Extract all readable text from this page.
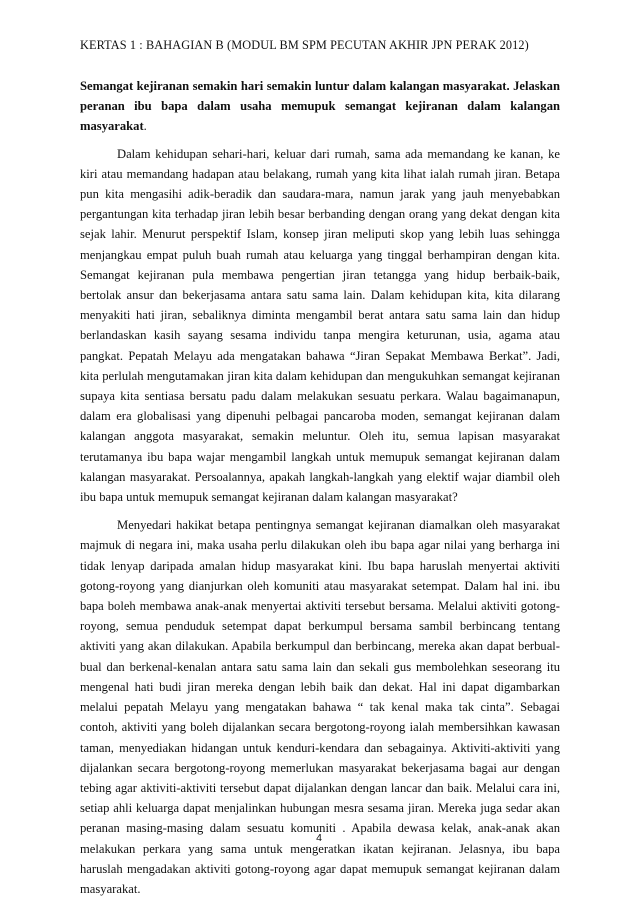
KERTAS 1 : BAHAGIAN B (MODUL BM SPM PECUTAN AKHIR JPN PERAK 2012)

Semangat kejiranan semakin hari semakin luntur dalam kalangan masyarakat. Jelaskan peranan ibu bapa dalam usaha memupuk semangat kejiranan dalam kalangan masyarakat.

Dalam kehidupan sehari-hari, keluar dari rumah, sama ada memandang ke kanan, ke kiri atau memandang hadapan atau belakang, rumah yang kita lihat ialah rumah jiran. Betapa pun kita mengasihi adik-beradik dan saudara-mara, namun jarak yang jauh menyebabkan pergantungan kita terhadap jiran lebih besar berbanding dengan orang yang dekat dengan kita sejak lahir. Menurut perspektif Islam, konsep jiran meliputi skop yang lebih luas sehingga menjangkau empat puluh buah rumah atau keluarga yang tinggal berhampiran dengan kita. Semangat kejiranan pula membawa pengertian jiran tetangga yang hidup berbaik-baik, bertolak ansur dan bekerjasama antara satu sama lain. Dalam kehidupan kita, kita dilarang menyakiti hati jiran, sebaliknya diminta mengambil berat antara satu sama lain dan hidup berlandaskan kasih sayang sesama individu tanpa mengira keturunan, usia, agama atau pangkat. Pepatah Melayu ada mengatakan bahawa “Jiran Sepakat Membawa Berkat”. Jadi, kita perlulah mengutamakan jiran kita dalam kehidupan dan mengukuhkan semangat kejiranan supaya kita sentiasa bersatu padu dalam melakukan sesuatu perkara. Walau bagaimanapun, dalam era globalisasi yang dipenuhi pelbagai pancaroba moden, semangat kejiranan dalam kalangan anggota masyarakat, semakin meluntur. Oleh itu, semua lapisan masyarakat terutamanya ibu bapa wajar mengambil langkah untuk memupuk semangat kejiranan dalam kalangan masyarakat. Persoalannya, apakah langkah-langkah yang elektif wajar diambil oleh ibu bapa untuk memupuk semangat kejiranan dalam kalangan masyarakat?

Menyedari hakikat betapa pentingnya semangat kejiranan diamalkan oleh masyarakat majmuk di negara ini, maka usaha perlu dilakukan oleh ibu bapa agar nilai yang berharga ini tidak lenyap daripada amalan hidup masyarakat kini. Ibu bapa haruslah menyertai aktiviti gotong-royong yang dianjurkan oleh komuniti atau masyarakat setempat. Dalam hal ini. ibu bapa boleh membawa anak-anak menyertai aktiviti tersebut bersama. Melalui aktiviti gotong-royong, semua penduduk setempat dapat berkumpul bersama sambil berbincang tentang aktiviti yang akan dilakukan. Apabila berkumpul dan berbincang, mereka akan dapat berbual-bual dan berkenal-kenalan antara satu sama lain dan sekali gus membolehkan seseorang itu mengenal hati budi jiran mereka dengan lebih baik dan dekat. Hal ini dapat digambarkan melalui pepatah Melayu yang mengatakan bahawa “ tak kenal maka tak cinta”. Sebagai contoh, aktiviti yang boleh dijalankan secara bergotong-royong ialah membersihkan kawasan taman, menyediakan hidangan untuk kenduri-kendara dan sebagainya. Aktiviti-aktiviti yang dijalankan secara bergotong-royong memerlukan masyarakat bekerjasama bagai aur dengan tebing agar aktiviti-aktiviti tersebut dapat dijalankan dengan lancar dan baik. Melalui cara ini, setiap ahli keluarga dapat menjalinkan hubungan mesra sesama jiran. Mereka juga sedar akan peranan masing-masing dalam sesuatu komuniti . Apabila dewasa kelak, anak-anak akan melakukan perkara yang sama untuk mengeratkan ikatan kejiranan. Jelasnya, ibu bapa haruslah mengadakan aktiviti gotong-royong agar dapat memupuk semangat kejiranan dalam masyarakat.

4
